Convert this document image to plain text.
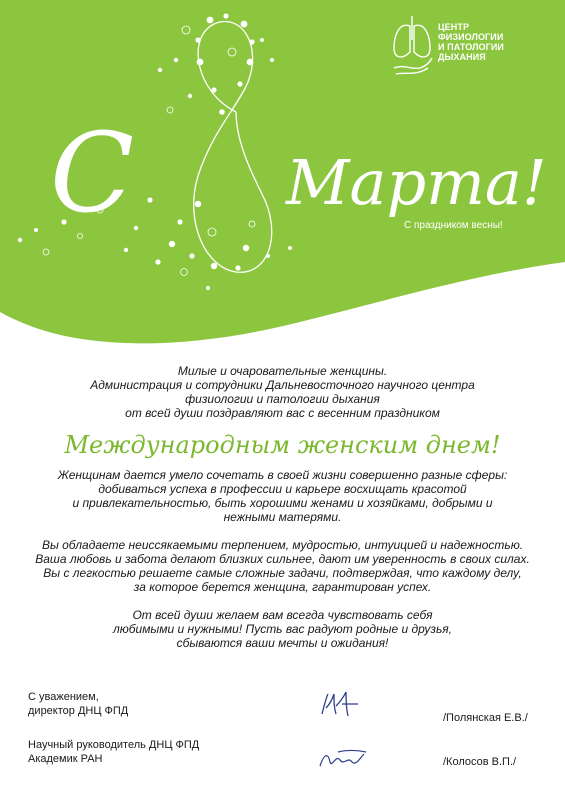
С Марта!
С праздником весны!
ЦЕНТР
ФИЗИОЛОГИИ
И ПАТОЛОГИИ
ДЫХАНИЯ

Милые и очаровательные женщины.

Администрация и сотрудники Дальневосточного научного центра

физиологии и патологии дыхания

от всей души поздравляют вас с весенним праздником

Международным женским днем!

Женщинам дается умело сочетать в своей жизни совершенно разные сферы:

добиваться успеха в профессии и карьере восхищать красотой

и привлекательностью, быть хорошими женами и хозяйками, добрыми и

нежными матерями.

Вы обладаете неиссякаемыми терпением, мудростью, интуицией и надежностью.

Ваша любовь и забота делают близких сильнее, дают им уверенность в своих силах.

Вы с легкостью решаете самые сложные задачи, подтверждая, что каждому делу,

за которое берется женщина, гарантирован успех.

От всей души желаем вам всегда чувствовать себя

любимыми и нужными! Пусть вас радуют родные и друзья,

сбываются ваши мечты и ожидания!

С уважением,
директор ДНЦ ФПД
/Полянская Е.В./
Научный руководитель ДНЦ ФПД
Академик РАН	/Колосов В.П./
